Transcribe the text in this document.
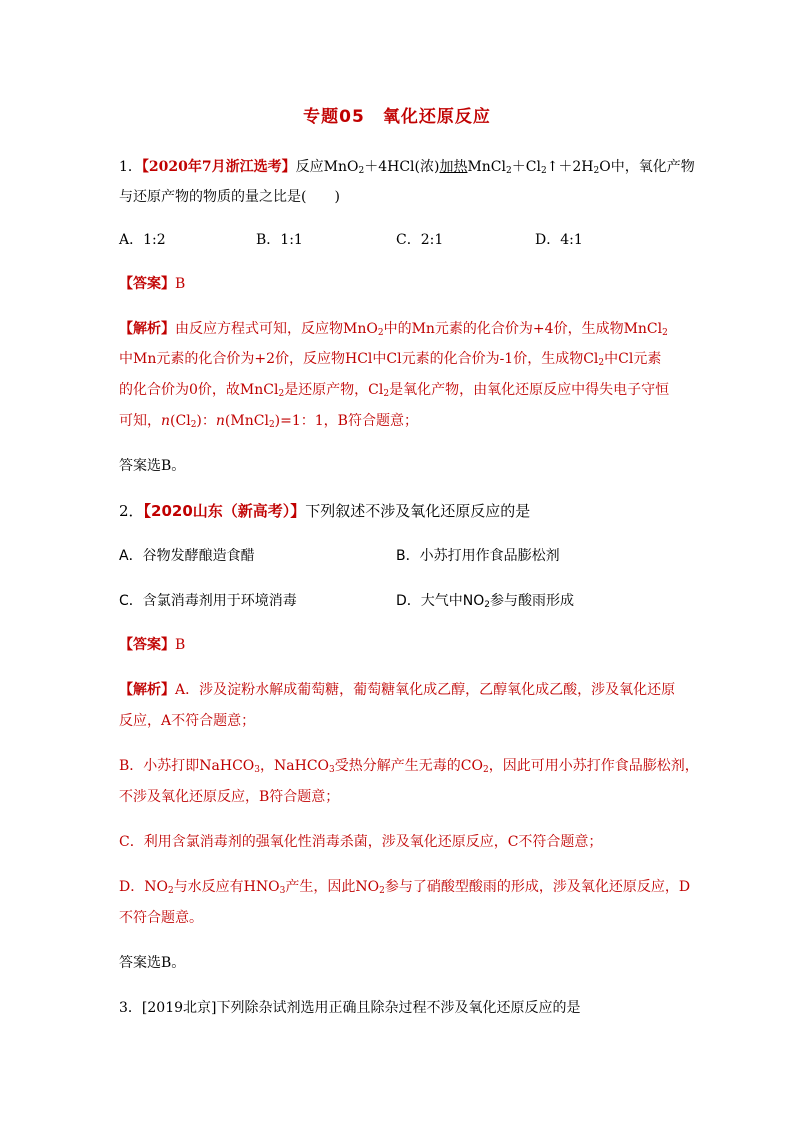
专题05　氧化还原反应
1．【2020年7月浙江选考】反应MnO$_2$＋4HCl(浓)加热$MnCl_2+Cl_2↑+2H_2O$中，氧化产物
与还原产物的物质的量之比是(　　)
A．1:2	B．1:1	C．2:1	D．4:1
【答案】B
【解析】由反应方程式可知，反应物MnO$_2$中的Mn元素的化合价为+4价，生成物MnCl$_2$
中Mn元素的化合价为+2价，反应物HCl中Cl元素的化合价为-1价，生成物$Cl_2$中Cl元素
的化合价为0价，故MnCl$_2$是还原产物，$Cl_2$是氧化产物，由氧化还原反应中得失电子守恒
可知，$n(Cl_2)$：n(MnCl$_2$)=1：1，B符合题意；
答案选B。
2．【2020山东（新高考）】下列叙述不涉及氧化还原反应的是
A．谷物发酵酿造食醋	B．小苏打用作食品膨松剂
C．含氯消毒剂用于环境消毒	D．大气中$NO_2$参与酸雨形成
【答案】B
【解析】A．涉及淀粉水解成葡萄糖，葡萄糖氧化成乙醇，乙醇氧化成乙酸，涉及氧化还原
反应，A不符合题意；
B．小苏打即NaHCO$_3$，NaHCO$_3$受热分解产生无毒的$CO_2$，因此可用小苏打作食品膨松剂，
不涉及氧化还原反应，B符合题意；
C．利用含氯消毒剂的强氧化性消毒杀菌，涉及氧化还原反应，C不符合题意；
D．$NO_2$与水反应有$HNO_3$产生，因此$NO_2$参与了硝酸型酸雨的形成，涉及氧化还原反应，D
不符合题意。
答案选B。
3．[2019北京]下列除杂试剂选用正确且除杂过程不涉及氧化还原反应的是
